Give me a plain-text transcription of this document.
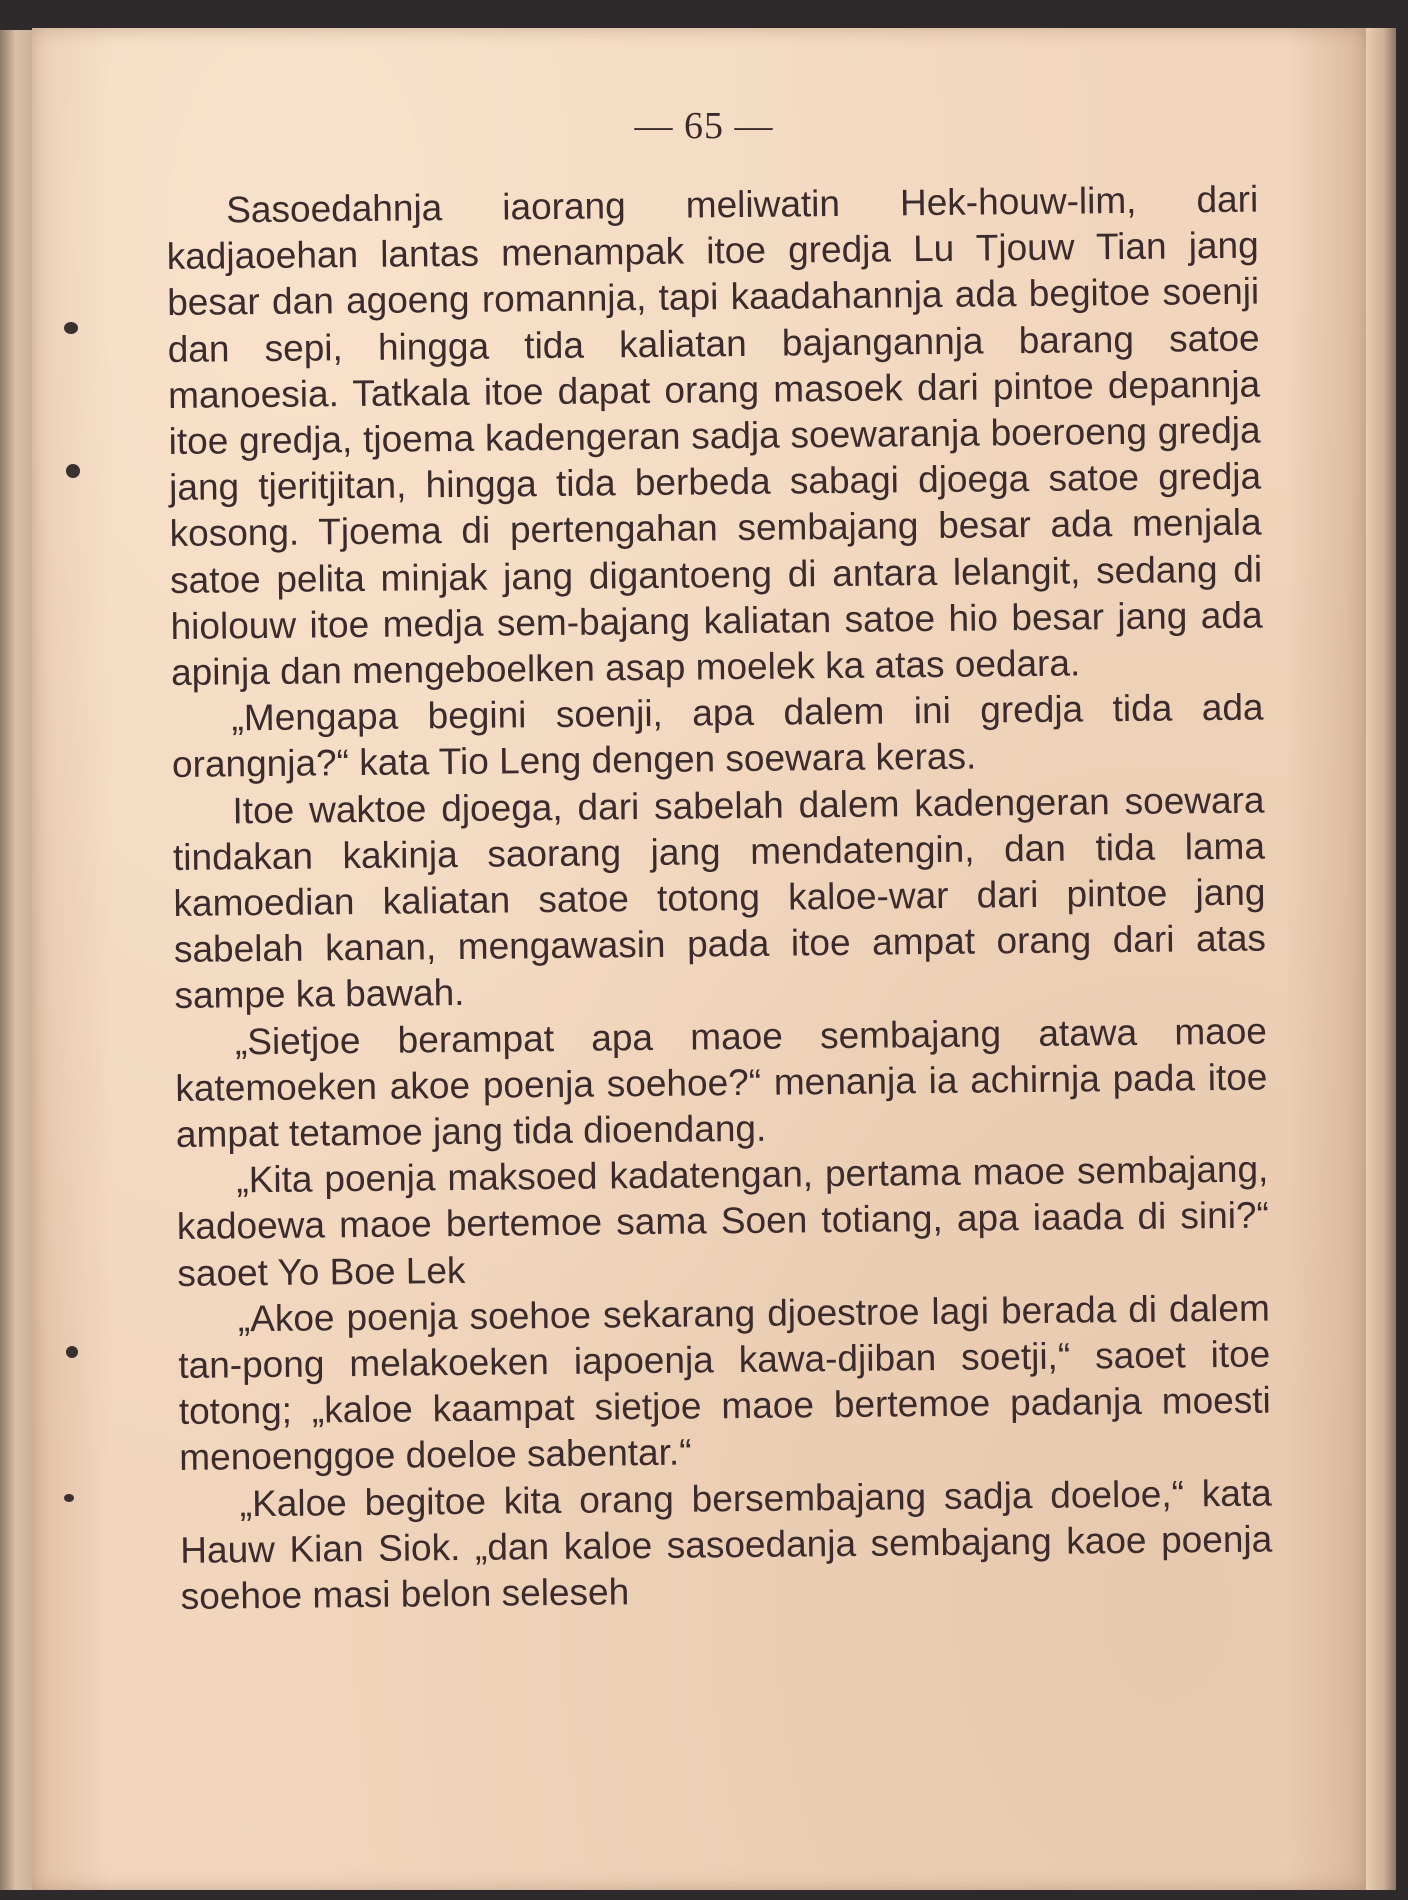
— 65 —

Sasoedahnja iaorang meliwatin Hek-houw-lim, dari kadjaoehan lantas menampak itoe gredja Lu Tjouw Tian jang besar dan agoeng romannja, tapi kaadahannja ada begitoe soenji dan sepi, hingga tida kaliatan bajangannja barang satoe manoesia. Tatkala itoe dapat orang masoek dari pintoe depannja itoe gredja, tjoema kadengeran sadja soewaranja boeroeng gredja jang tjeritjitan, hingga tida berbeda sabagi djoega satoe gredja kosong. Tjoema di pertengahan sembajang besar ada menjala satoe pelita minjak jang digantoeng di antara lelangit, sedang di hiolouw itoe medja sem-bajang kaliatan satoe hio besar jang ada apinja dan mengeboelken asap moelek ka atas oedara.

„Mengapa begini soenji, apa dalem ini gredja tida ada orangnja?“ kata Tio Leng dengen soewara keras.

Itoe waktoe djoega, dari sabelah dalem kadengeran soewara tindakan kakinja saorang jang mendatengin, dan tida lama kamoedian kaliatan satoe totong kaloe-war dari pintoe jang sabelah kanan, mengawasin pada itoe ampat orang dari atas sampe ka bawah.

„Sietjoe berampat apa maoe sembajang atawa maoe katemoeken akoe poenja soehoe?“ menanja ia achirnja pada itoe ampat tetamoe jang tida dioendang.

„Kita poenja maksoed kadatengan, pertama maoe sembajang, kadoewa maoe bertemoe sama Soen totiang, apa iaada di sini?“ saoet Yo Boe Lek

„Akoe poenja soehoe sekarang djoestroe lagi berada di dalem tan-pong melakoeken iapoenja kawa-djiban soetji,“ saoet itoe totong; „kaloe kaampat sietjoe maoe bertemoe padanja moesti menoenggoe doeloe sabentar.“

„Kaloe begitoe kita orang bersembajang sadja doeloe,“ kata Hauw Kian Siok. „dan kaloe sasoedanja sembajang kaoe poenja soehoe masi belon seleseh
